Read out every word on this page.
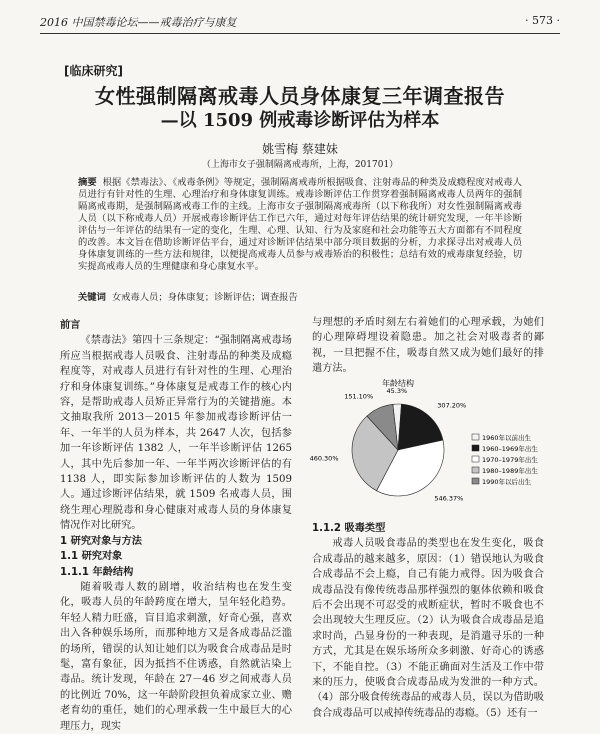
2016 中国禁毒论坛——戒毒治疗与康复	· 573 ·
[临床研究]
女性强制隔离戒毒人员身体康复三年调查报告
—以 1509 例戒毒诊断评估为样本
姚雪梅 蔡建妹
（上海市女子强制隔离戒毒所，上海，201701）
摘要 根据《禁毒法》、《戒毒条例》等规定，强制隔离戒毒所根据吸食、注射毒品的种类及成瘾程度对戒毒人员进行有针对性的生理、心理治疗和身体康复训练。戒毒诊断评估工作贯穿着强制隔离戒毒人员两年的强制隔离戒毒期，是强制隔离戒毒工作的主线。上海市女子强制隔离戒毒所（以下称我所）对女性强制隔离戒毒人员（以下称戒毒人员）开展戒毒诊断评估工作已六年，通过对每年评估结果的统计研究发现，一年半诊断评估与一年评估的结果有一定的变化，生理、心理、认知、行为及家庭和社会功能等五大方面都有不同程度的改善。本文旨在借助诊断评估平台，通过对诊断评估结果中部分项目数据的分析，力求探寻出对戒毒人员身体康复训练的一些方法和规律，以便提高戒毒人员参与戒毒矫治的积极性；总结有效的戒毒康复经验，切实提高戒毒人员的生理健康和身心康复水平。
关键词 女戒毒人员；身体康复；诊断评估；调查报告
前言

《禁毒法》第四十三条规定：“强制隔离戒毒场所应当根据戒毒人员吸食、注射毒品的种类及成瘾程度等，对戒毒人员进行有针对性的生理、心理治疗和身体康复训练。”身体康复是戒毒工作的核心内容，是帮助戒毒人员矫正异常行为的关键措施。本文抽取我所 2013－2015 年参加戒毒诊断评估一年、一年半的人员为样本，共 2647 人次，包括参加一年诊断评估 1382 人，一年半诊断评估 1265 人，其中先后参加一年、一年半两次诊断评估的有 1138 人，即实际参加诊断评估的人数为 1509 人。通过诊断评估结果，就 1509 名戒毒人员，围绕生理心理脱毒和身心健康对戒毒人员的身体康复情况作对比研究。

1 研究对象与方法
1.1 研究对象
1.1.1 年龄结构

随着吸毒人数的剧增，收治结构也在发生变化，吸毒人员的年龄跨度在增大，呈年轻化趋势。年轻人精力旺盛，盲目追求刺激，好奇心强，喜欢出入各种娱乐场所，而那种地方又是各成毒品泛滥的场所，错误的认知让她们以为吸食合成毒品是时髦，富有象征，因为抵挡不住诱惑，自然就沾染上毒品。统计发现，年龄在 27－46 岁之间戒毒人员的比例近 70%，这一年龄阶段担负着成家立业、赡老育幼的重任，她们的心理承载一生中最巨大的心理压力，现实

与理想的矛盾时刻左右着她们的心理承载，为她们的心理障碍埋设着隐患。加之社会对吸毒者的鄙视，一旦把握不住，吸毒自然又成为她们最好的排遣方法。

年龄结构
45.3%
307.20%
546.37%
460.30%
151.10%
1960年以前出生
1960–1969年出生
1970–1979年出生
1980–1989年出生
1990年以后出生
1.1.2 吸毒类型

戒毒人员吸食毒品的类型也在发生变化，吸食合成毒品的越来越多，原因：（1）错误地认为吸食合成毒品不会上瘾，自己有能力戒得。因为吸食合成毒品没有像传统毒品那样强烈的躯体依赖和吸食后不会出现不可忍受的戒断症状，暂时不吸食也不会出现较大生理反应。（2）认为吸食合成毒品是追求时尚，凸显身份的一种表现，是消遣寻乐的一种方式，尤其是在娱乐场所众多刺激、好奇心的诱惑下，不能自控。（3）不能正确面对生活及工作中带来的压力，使吸食合成毒品成为发泄的一种方式。（4）部分吸食传统毒品的戒毒人员，误以为借助吸食合成毒品可以戒掉传统毒品的毒瘾。（5）还有一
